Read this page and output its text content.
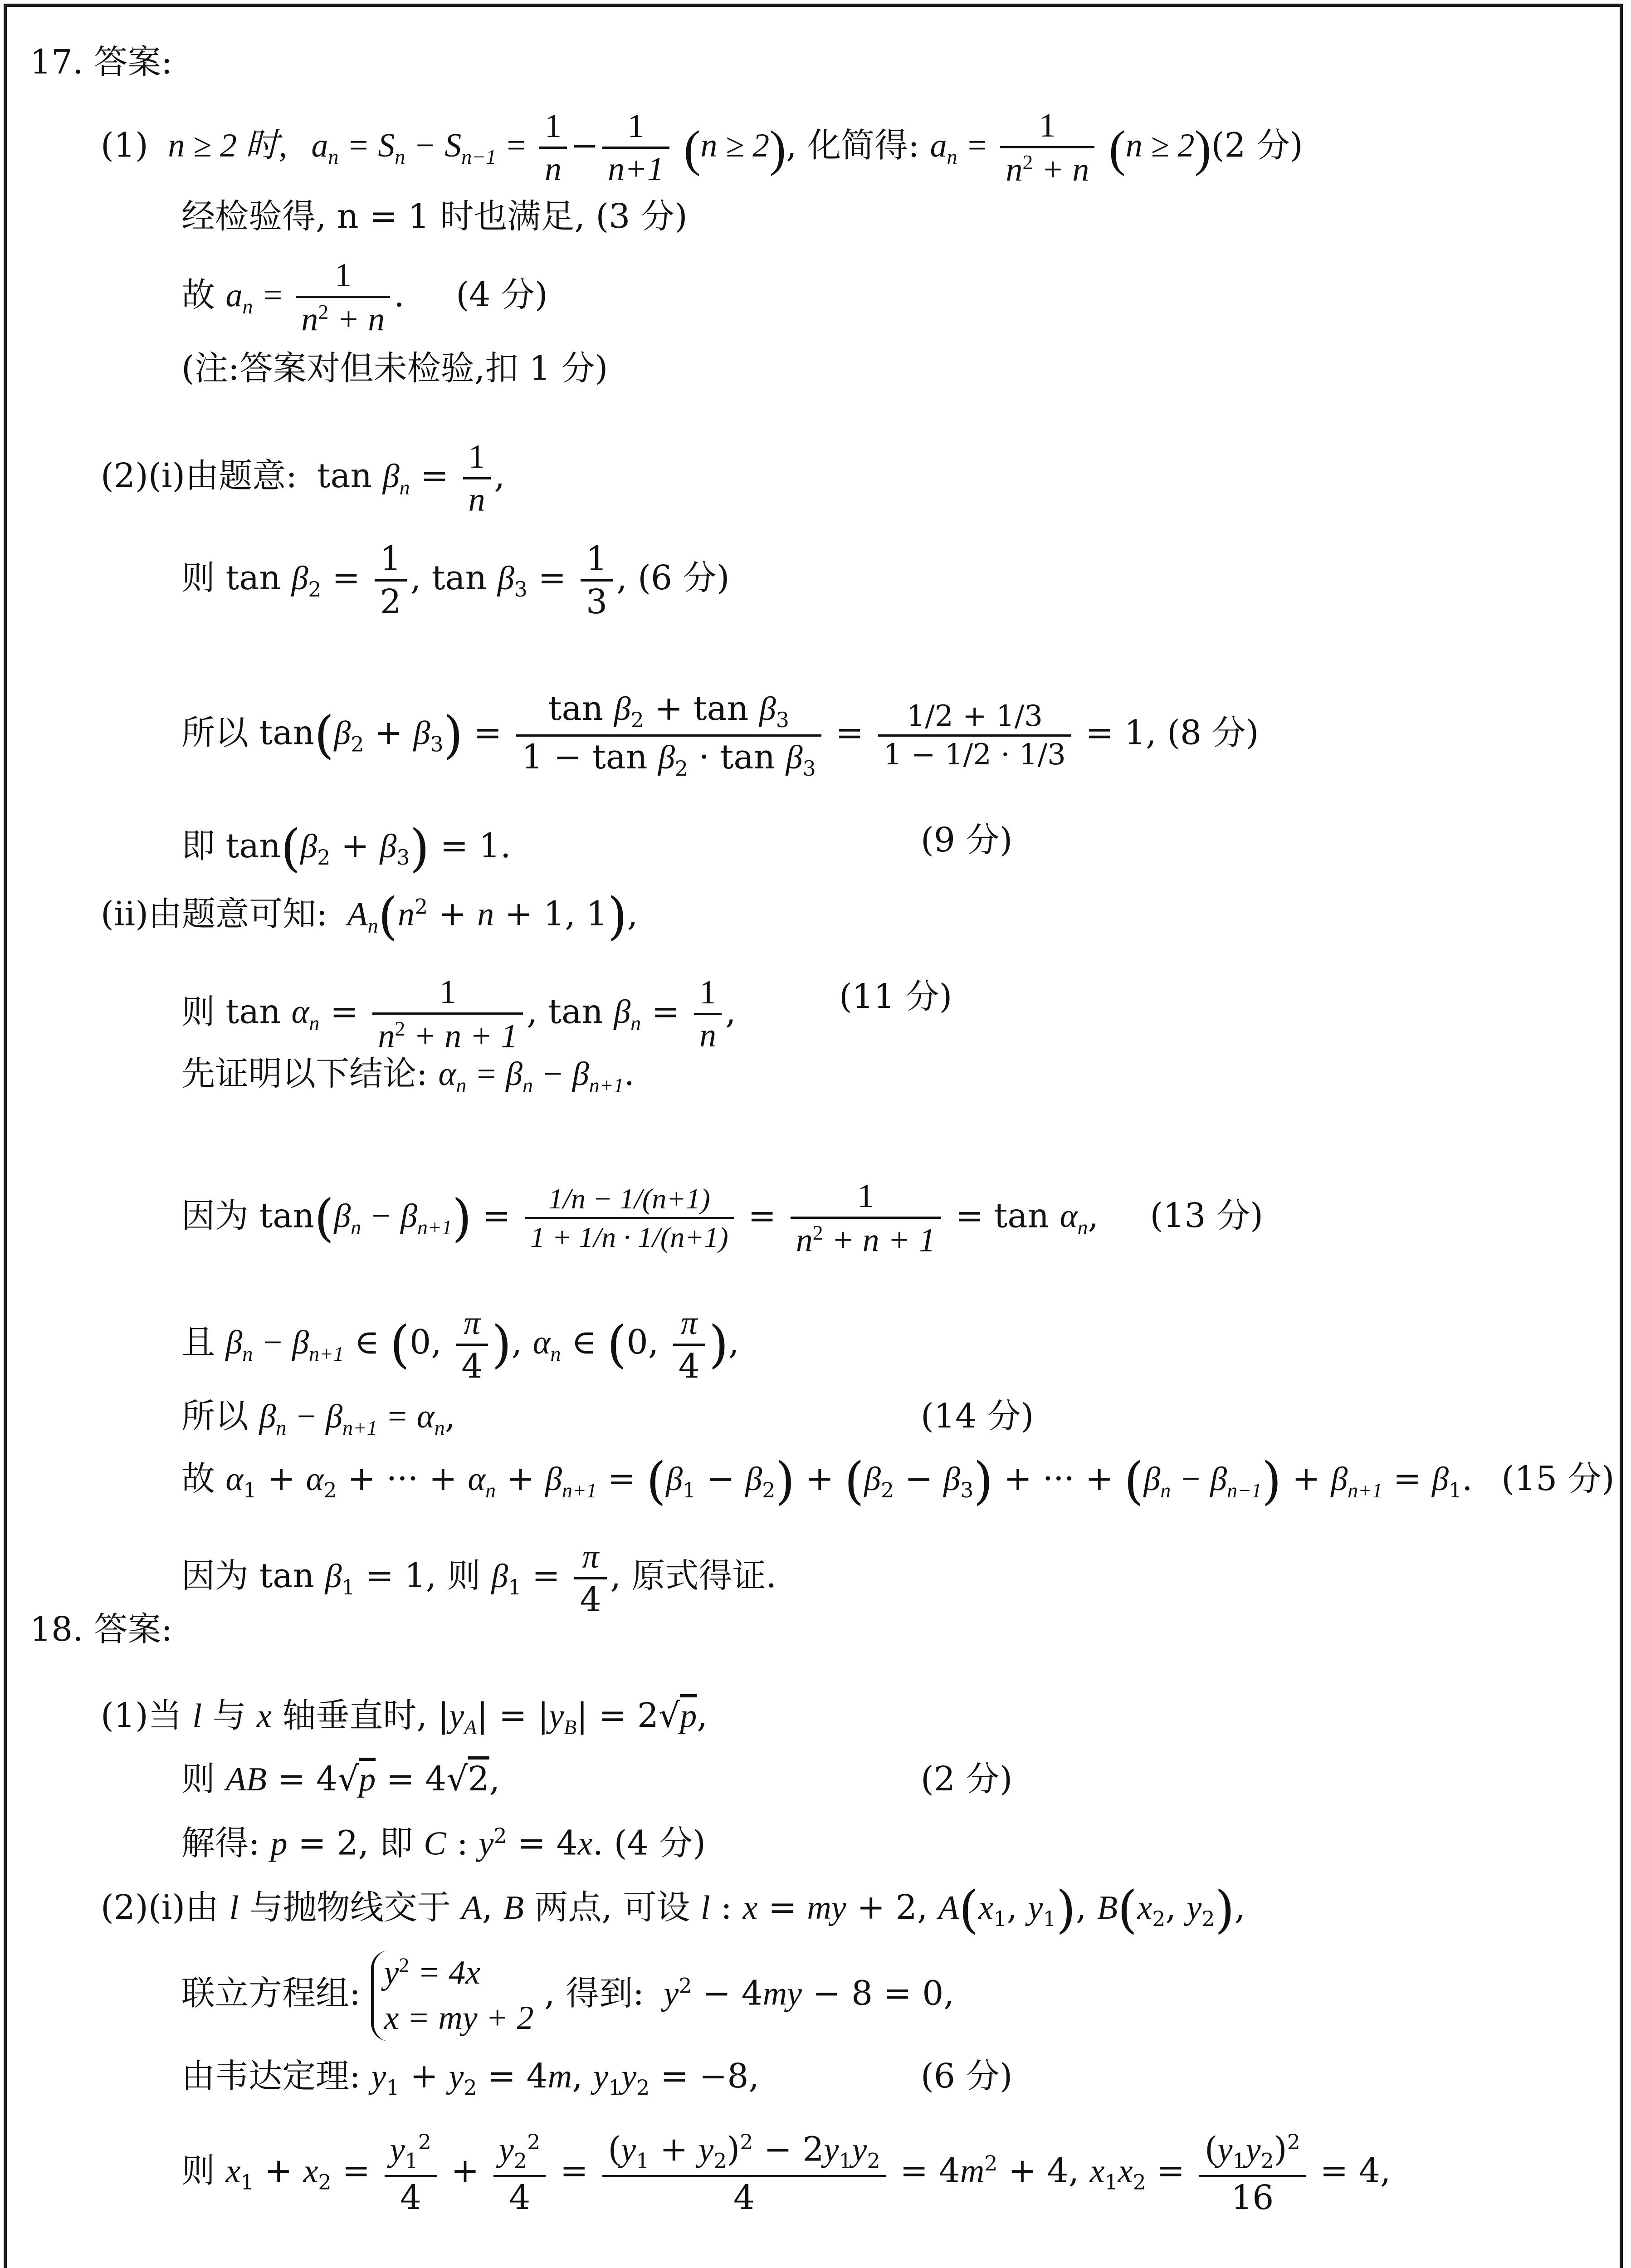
17. 答案:
(1) n ≥ 2 时, $a_n = S_n - S_{n-1} = \frac{1}{n} - \frac{1}{n+1} (n \ge 2)$, 化简得: $a_n = \frac{1}{n^2 + n} (n \ge 2)(2$ 分)
经检验得, n = 1 时也满足, (3 分)
故 $a_n = \frac{1}{n^2 + n}$ . (4 分)
(注:答案对但未检验,扣 1 分)
(2)(i)由题意: $\tan \beta_n = \frac{1}{n}$ ,
则 $\tan \beta_2 = \frac{1}{2}$ , $\tan \beta_3 = \frac{1}{3}$ , (6 分)
所以 $\tan(\beta_2 + \beta_3) = \frac{\tan \beta_2 + \tan \beta_3}{1 - \tan \beta_2 \cdot \tan \beta_3} = \frac{1/2 + 1/3}{1 - 1/2 \cdot 1/3} = 1$, (8 分)
即 $\tan(\beta_2 + \beta_3) = 1$.	(9 分)
(ii)由题意可知: $A_n(n^2 + n + 1$, 1),
则 $\tan \alpha_n = \frac{1}{n^2 + n + 1}$ , $\tan \beta_n = \frac{1}{n}$ ,	(11 分)
先证明以下结论: $\alpha_n = \beta_n - \beta_{n+1}$.
因为 $\tan(\beta_n - \beta_{n+1}) = \frac{1/n - 1/(n+1)}{1 + 1/n \cdot 1/(n+1)} = \frac{1}{n^2 + n + 1} = \tan \alpha_n$, (13 分)
且 $\beta_n - \beta_{n+1}$ ∈ (0, $\frac{\pi}{4}$ ), $\alpha_n$ ∈ (0, $\frac{\pi}{4}$ ),
所以 $\beta_n - \beta_{n+1} = \alpha_n$,	(14 分)
故 $\alpha_1 + \alpha_2$ + ··· + $\alpha_n + \beta_{n+1} = (\beta_1 - \beta_2) + (\beta_2 - \beta_3)$ + ··· + $(\beta_n - \beta_{n-1}) + \beta_{n+1} = \beta_1$. (15 分)
因为 $\tan \beta_1 = 1$, 则 $\beta_1 = \frac{\pi}{4}$ , 原式得证.
18. 答案:
(1)当 l 与 x 轴垂直时, $|y_A| = |y_B| = 2√p$,
则 AB = 4√p = 4√2,	(2 分)
解得: p = 2, 即 C : $y^2 = 4x$. (4 分)
(2)(i)由 l 与抛物线交于 A, B 两点, 可设 l : x = my + 2, $A(x_1$, $y_1$), $B(x_2$, $y_2$),
联立方程组: $y^2 = 4x$
x = my + 2 , 得到: $y^2 - 4my - 8 = 0$,
由韦达定理: $y_1 + y_2 = 4m$, $y_1y_2 = -8$,	(6 分)
则 $x_1 + x_2 = \frac{y_1^2}{4} + \frac{y_2^2}{4} = \frac{(y_1 + y_2)^2 - 2y_1y_2}{4} = 4m^2 + 4$, $x_1x_2 = \frac{(y_1y_2)^2}{16} = 4$,
